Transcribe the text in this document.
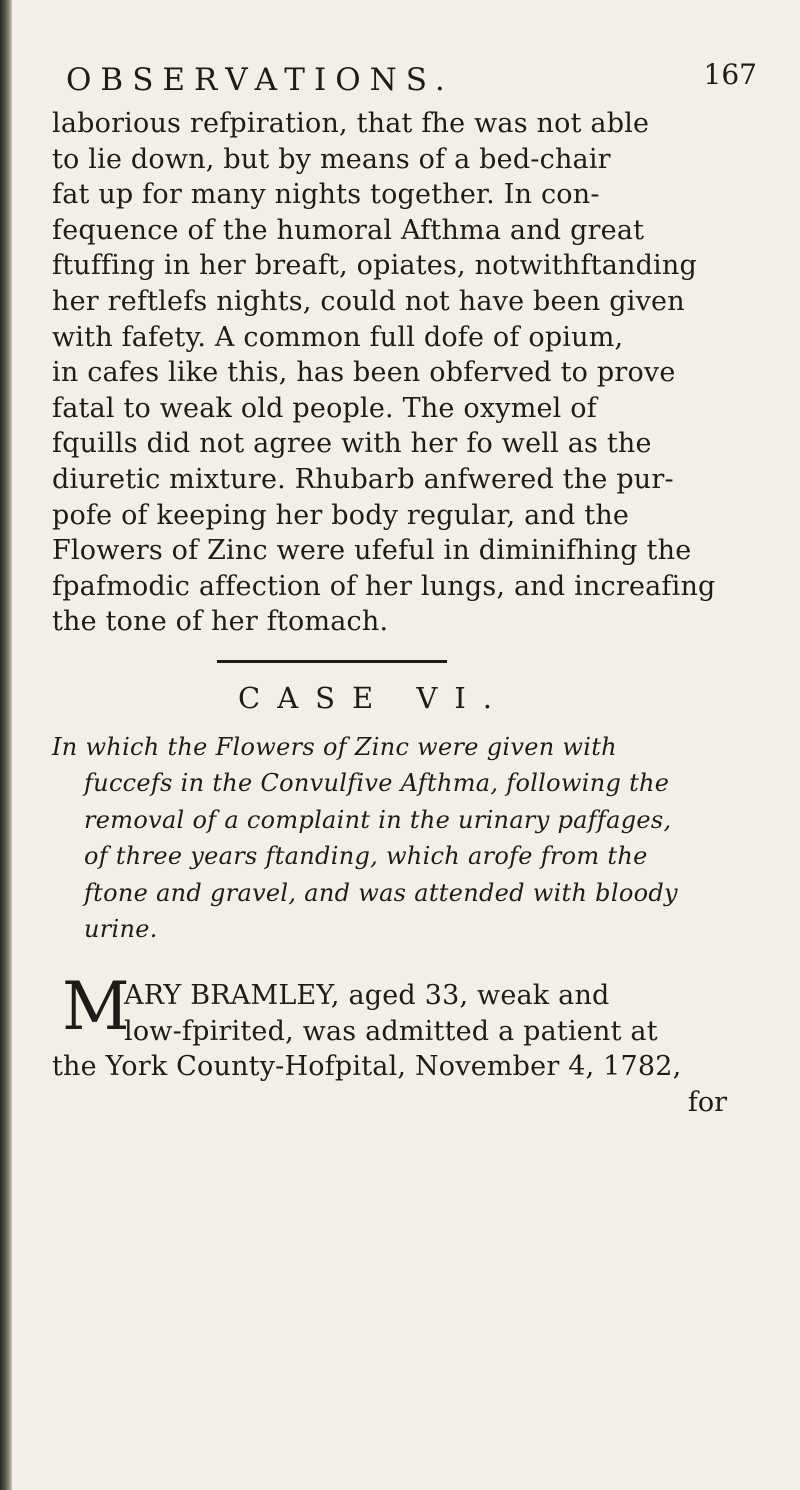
OBSERVATIONS.	167
laborious refpiration, that fhe was not able
to lie down, but by means of a bed-chair
fat up for many nights together. In con-
fequence of the humoral Afthma and great
ftuffing in her breaft, opiates, notwithftanding
her reftlefs nights, could not have been given
with fafety. A common full dofe of opium,
in cafes like this, has been obferved to prove
fatal to weak old people. The oxymel of
fquills did not agree with her fo well as the
diuretic mixture. Rhubarb anfwered the pur-
pofe of keeping her body regular, and the
Flowers of Zinc were ufeful in diminifhing the
fpafmodic affection of her lungs, and increafing
the tone of her ftomach.
CASE VI.
In which the Flowers of Zinc were given with
fuccefs in the Convulfive Afthma, following the
removal of a complaint in the urinary paffages,
of three years ftanding, which arofe from the
ftone and gravel, and was attended with bloody
urine.
M
ARY BRAMLEY, aged 33, weak and
low-fpirited, was admitted a patient at
the York County-Hofpital, November 4, 1782,
for
